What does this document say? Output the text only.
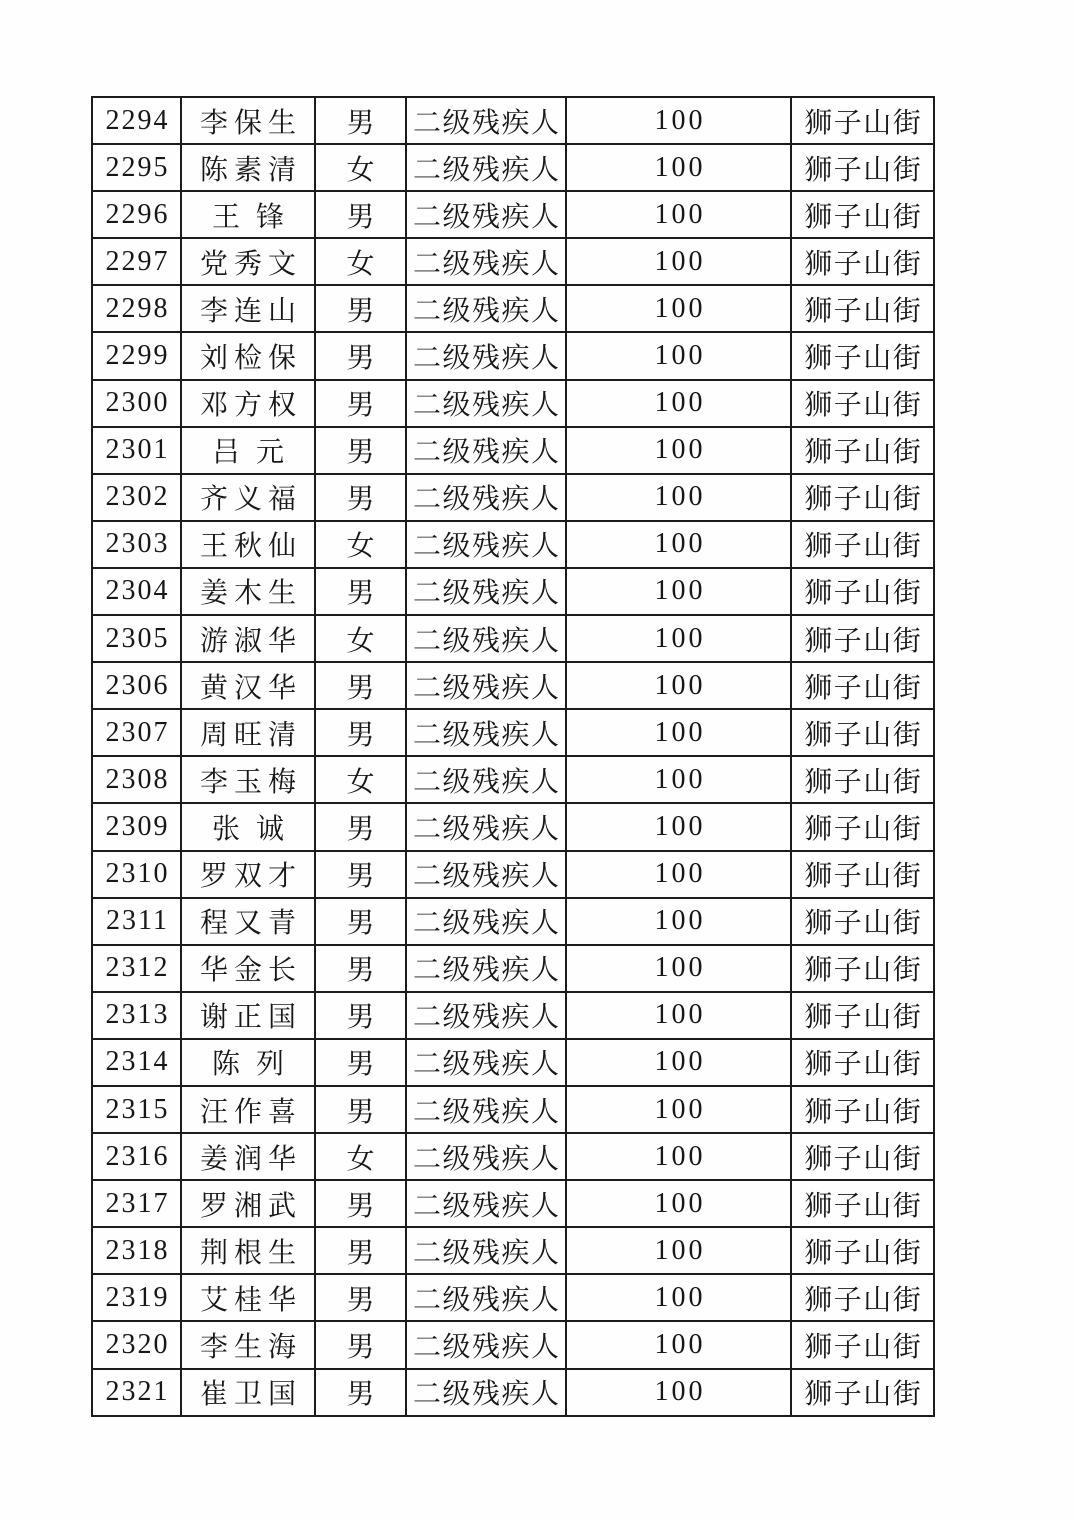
2294	李保生	男	二级残疾人	100	狮子山街
2295	陈素清	女	二级残疾人	100	狮子山街
2296	王锋	男	二级残疾人	100	狮子山街
2297	党秀文	女	二级残疾人	100	狮子山街
2298	李连山	男	二级残疾人	100	狮子山街
2299	刘检保	男	二级残疾人	100	狮子山街
2300	邓方权	男	二级残疾人	100	狮子山街
2301	吕元	男	二级残疾人	100	狮子山街
2302	齐义福	男	二级残疾人	100	狮子山街
2303	王秋仙	女	二级残疾人	100	狮子山街
2304	姜木生	男	二级残疾人	100	狮子山街
2305	游淑华	女	二级残疾人	100	狮子山街
2306	黄汉华	男	二级残疾人	100	狮子山街
2307	周旺清	男	二级残疾人	100	狮子山街
2308	李玉梅	女	二级残疾人	100	狮子山街
2309	张诚	男	二级残疾人	100	狮子山街
2310	罗双才	男	二级残疾人	100	狮子山街
2311	程又青	男	二级残疾人	100	狮子山街
2312	华金长	男	二级残疾人	100	狮子山街
2313	谢正国	男	二级残疾人	100	狮子山街
2314	陈列	男	二级残疾人	100	狮子山街
2315	汪作喜	男	二级残疾人	100	狮子山街
2316	姜润华	女	二级残疾人	100	狮子山街
2317	罗湘武	男	二级残疾人	100	狮子山街
2318	荆根生	男	二级残疾人	100	狮子山街
2319	艾桂华	男	二级残疾人	100	狮子山街
2320	李生海	男	二级残疾人	100	狮子山街
2321	崔卫国	男	二级残疾人	100	狮子山街
